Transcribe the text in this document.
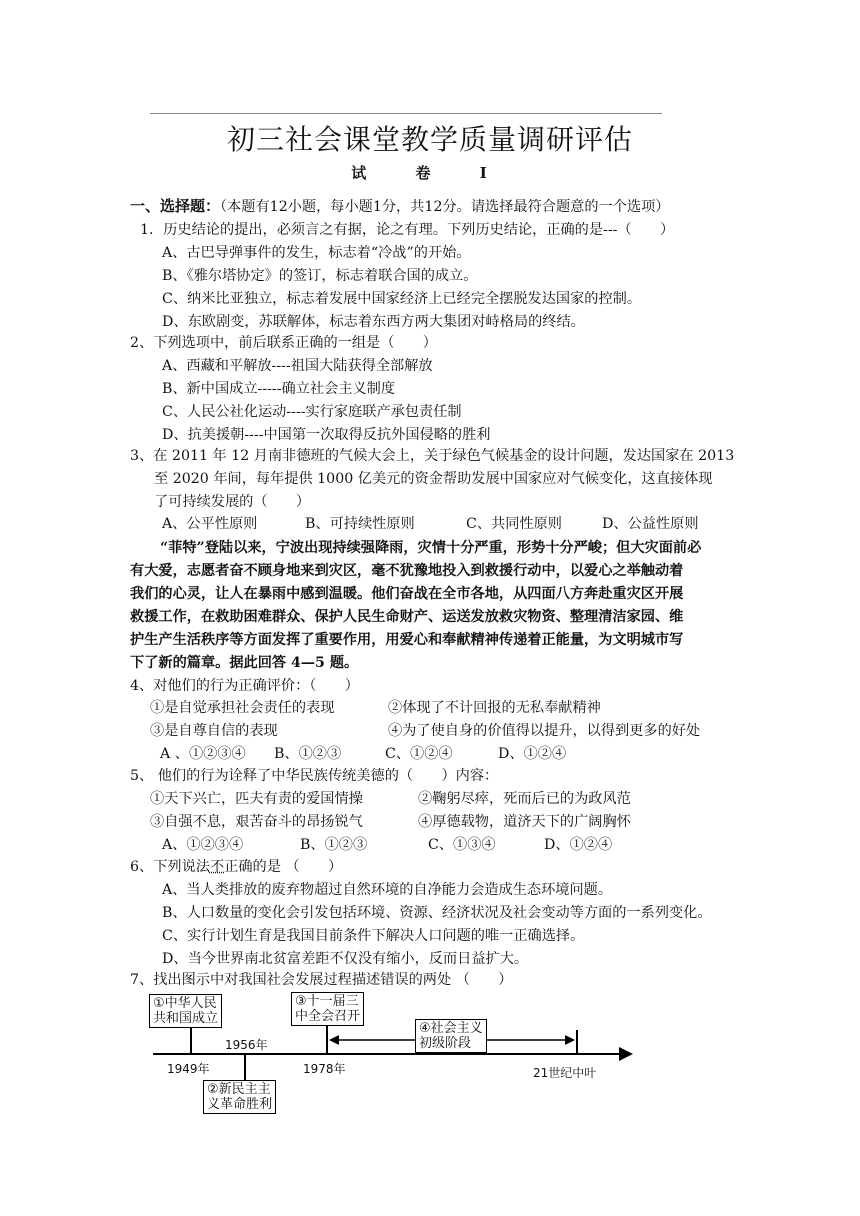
初三社会课堂教学质量调研评估
试 卷 I
一、选择题：（本题有12小题，每小题1分，共12分。请选择最符合题意的一个选项）
1．历史结论的提出，必须言之有据，论之有理。下列历史结论，正确的是---（　　）
A、古巴导弹事件的发生，标志着“冷战”的开始。
B、《雅尔塔协定》的签订，标志着联合国的成立。
C、纳米比亚独立，标志着发展中国家经济上已经完全摆脱发达国家的控制。
D、东欧剧变，苏联解体，标志着东西方两大集团对峙格局的终结。
2、下列选项中，前后联系正确的一组是（　　）
A、西藏和平解放----祖国大陆获得全部解放
B、新中国成立-----确立社会主义制度
C、人民公社化运动----实行家庭联产承包责任制
D、抗美援朝----中国第一次取得反抗外国侵略的胜利
3、在 2011 年 12 月南非德班的气候大会上，关于绿色气候基金的设计问题，发达国家在 2013
至 2020 年间，每年提供 1000 亿美元的资金帮助发展中国家应对气候变化，这直接体现
了可持续发展的（　　）
A、公平性原则	B、可持续性原则	C、共同性原则	D、公益性原则
“菲特”登陆以来，宁波出现持续强降雨，灾情十分严重，形势十分严峻；但大灾面前必
有大爱，志愿者奋不顾身地来到灾区，毫不犹豫地投入到救援行动中，以爱心之举触动着
我们的心灵，让人在暴雨中感到温暖。他们奋战在全市各地，从四面八方奔赴重灾区开展
救援工作，在救助困难群众、保护人民生命财产、运送发放救灾物资、整理清洁家园、维
护生产生活秩序等方面发挥了重要作用，用爱心和奉献精神传递着正能量，为文明城市写
下了新的篇章。据此回答 4—5 题。
4、对他们的行为正确评价：（　　）
①是自觉承担社会责任的表现	②体现了不计回报的无私奉献精神
③是自尊自信的表现	④为了使自身的价值得以提升，以得到更多的好处
A 、①②③④ B、①②③	C、①②④	D、①②④
5、 他们的行为诠释了中华民族传统美德的（　　）内容：
①天下兴亡，匹夫有责的爱国情操	②鞠躬尽瘁，死而后已的为政风范
③自强不息，艰苦奋斗的昂扬锐气	④厚德载物，道济天下的广阔胸怀
A、①②③④	B、①②③	C、①③④	D、①②④
6、下列说法不正确的是 （　　）
A、当人类排放的废弃物超过自然环境的自净能力会造成生态环境问题。
B、人口数量的变化会引发包括环境、资源、经济状况及社会变动等方面的一系列变化。
C、实行计划生育是我国目前条件下解决人口问题的唯一正确选择。
D、当今世界南北贫富差距不仅没有缩小，反而日益扩大。
7、找出图示中对我国社会发展过程描述错误的两处 （　　）
①中华人民
共和国成立
③十一届三
中全会召开
④社会主义
初级阶段
②新民主主
义革命胜利
1956年
1949年	1978年	21世纪中叶
